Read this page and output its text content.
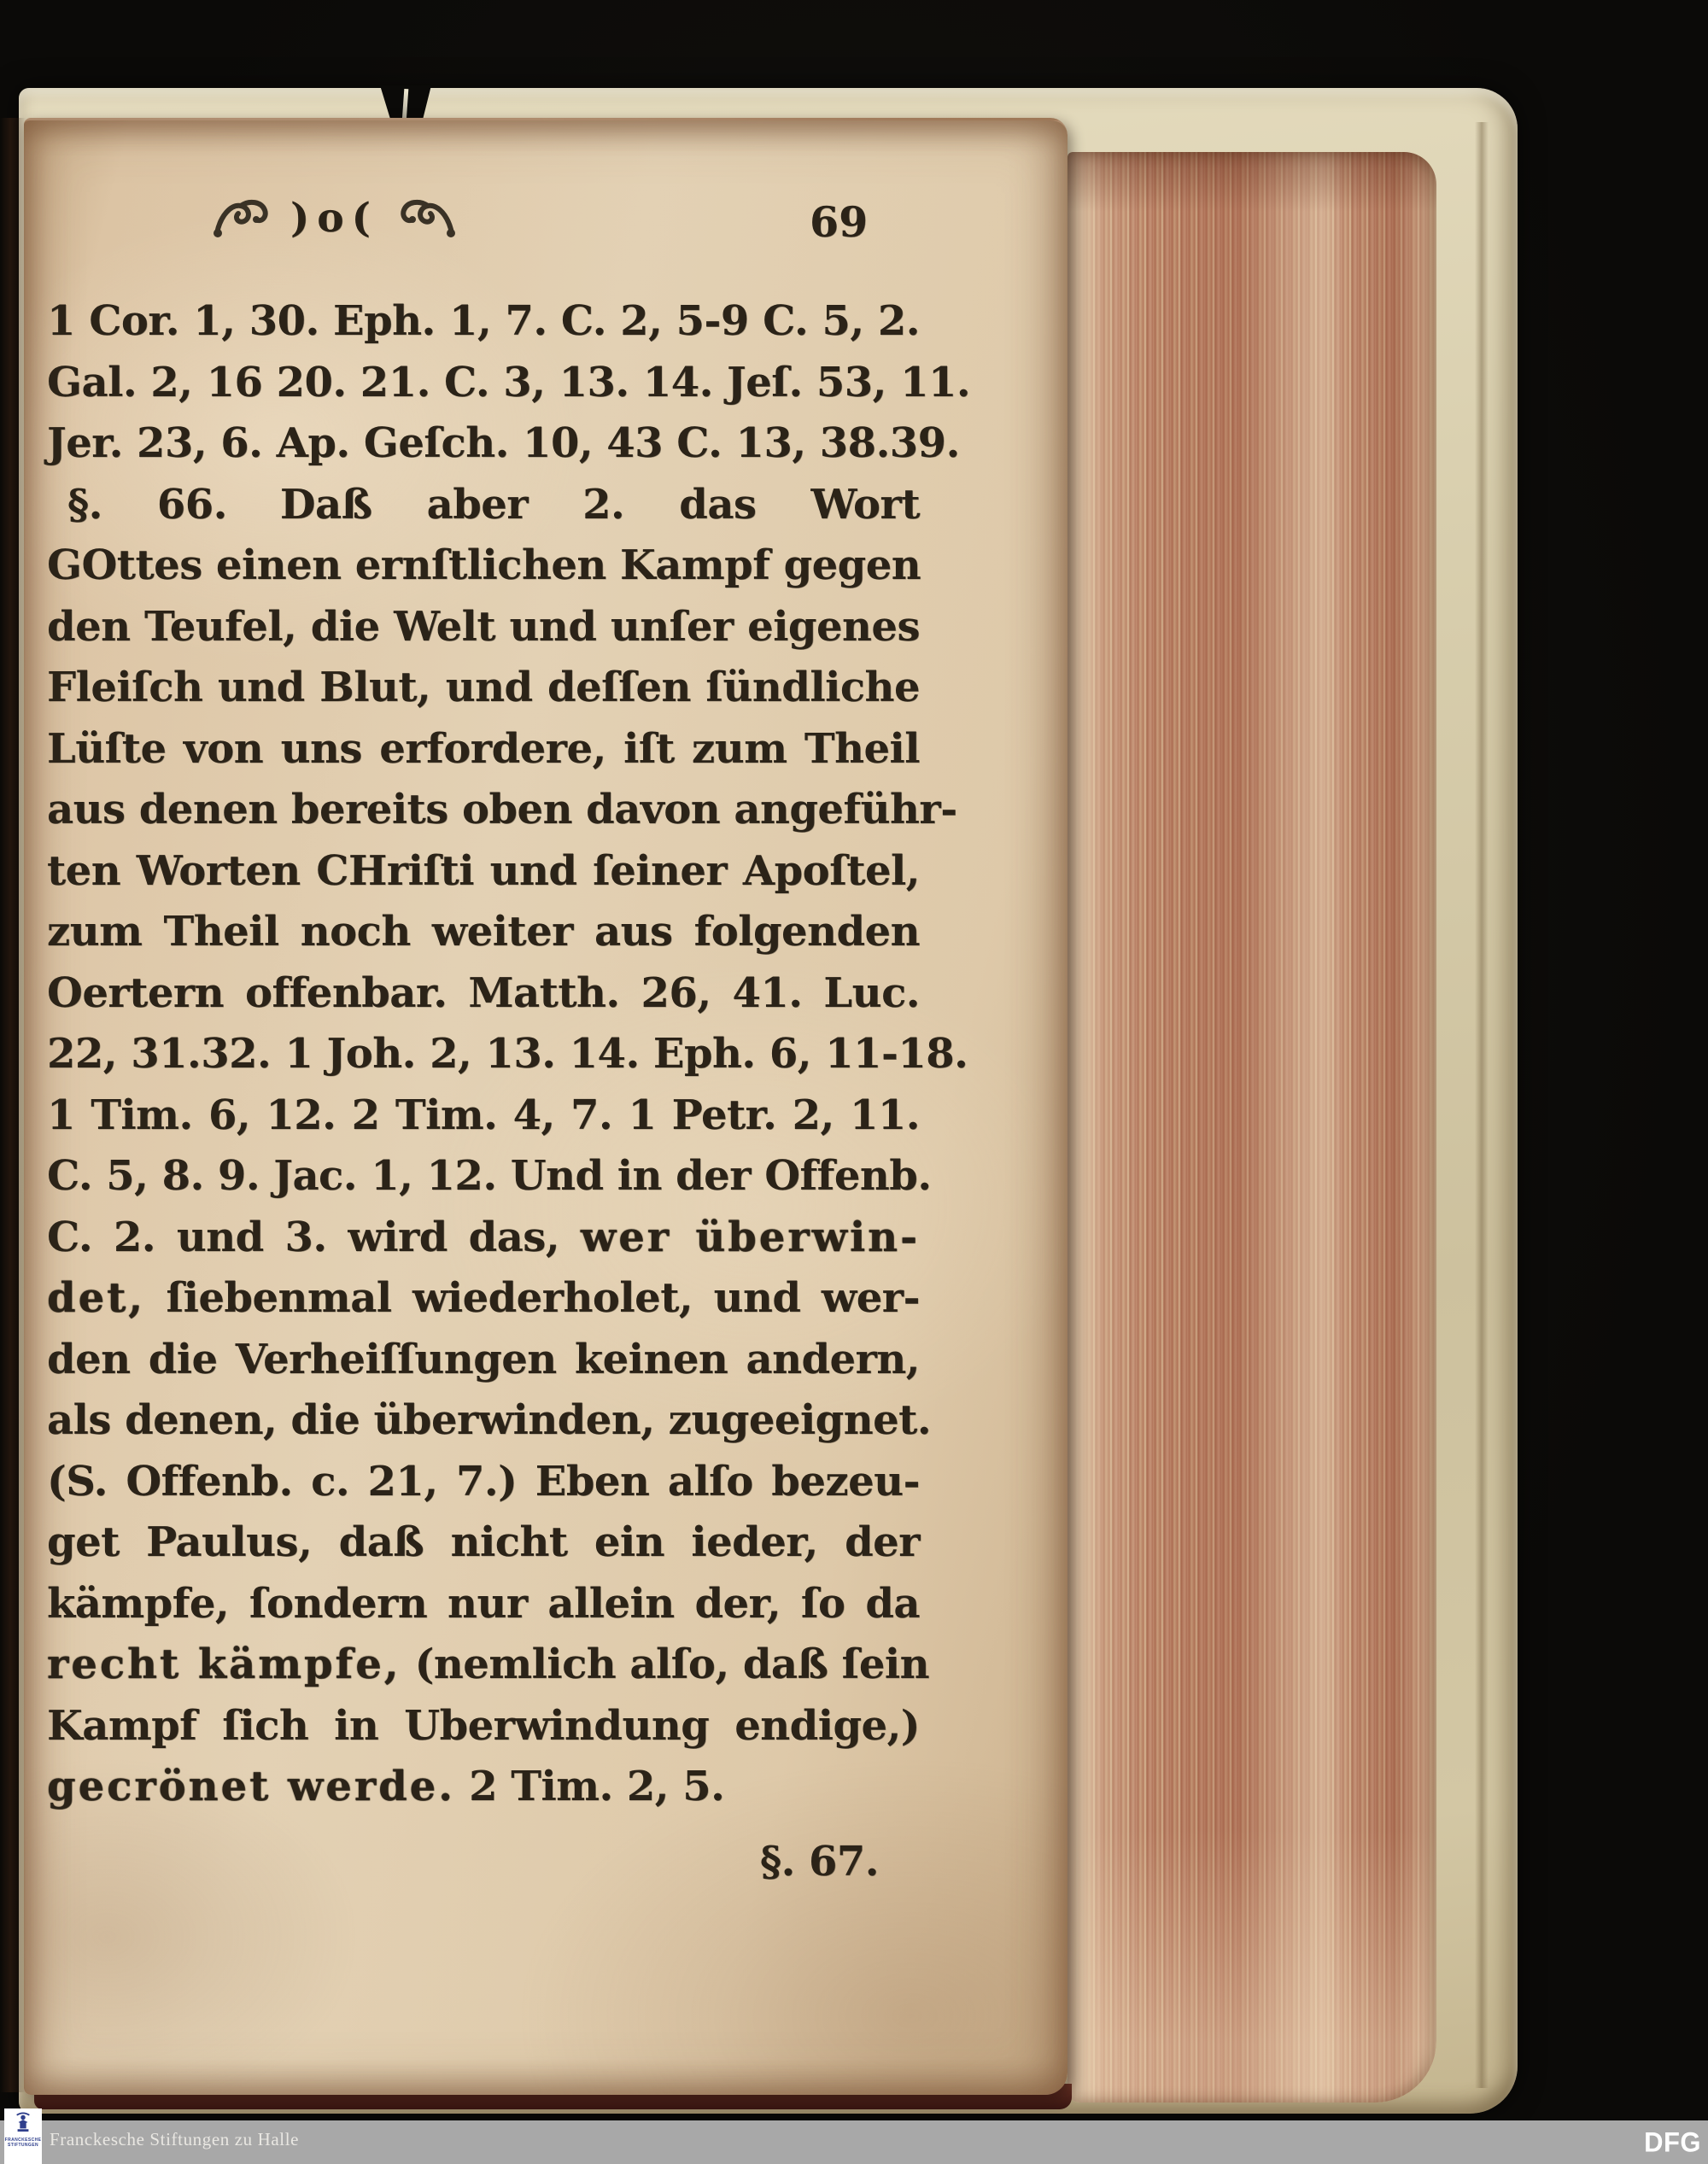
)o(	69
1 Cor. 1, 30. Eph. 1, 7. C. 2, 5-9 C. 5, 2.
Gal. 2, 16 20. 21. C. 3, 13. 14. Jeſ. 53, 11.
Jer. 23, 6. Ap. Geſch. 10, 43 C. 13, 38.39.
§. 66. Daß aber 2. das Wort
GOttes einen ernſtlichen Kampf gegen
den Teufel, die Welt und unſer eigenes
Fleiſch und Blut, und deſſen ſündliche
Lüſte von uns erfordere, iſt zum Theil
aus denen bereits oben davon angeführ-
ten Worten CHriſti und ſeiner Apoſtel,
zum Theil noch weiter aus folgenden
Oertern offenbar. Matth. 26, 41. Luc.
22, 31.32. 1 Joh. 2, 13. 14. Eph. 6, 11-18.
1 Tim. 6, 12. 2 Tim. 4, 7. 1 Petr. 2, 11.
C. 5, 8. 9. Jac. 1, 12. Und in der Offenb.
C. 2. und 3. wird das, wer überwin-
det, ſiebenmal wiederholet, und wer-
den die Verheiſſungen keinen andern,
als denen, die überwinden, zugeeignet.
(S. Offenb. c. 21, 7.) Eben alſo bezeu-
get Paulus, daß nicht ein ieder, der
kämpfe, ſondern nur allein der, ſo da
recht kämpfe, (nemlich alſo, daß ſein
Kampf ſich in Uberwindung endige,)
gecrönet werde. 2 Tim. 2, 5.
§. 67.
FRANCKESCHE
STIFTUNGEN Franckesche Stiftungen zu Halle	DFG
